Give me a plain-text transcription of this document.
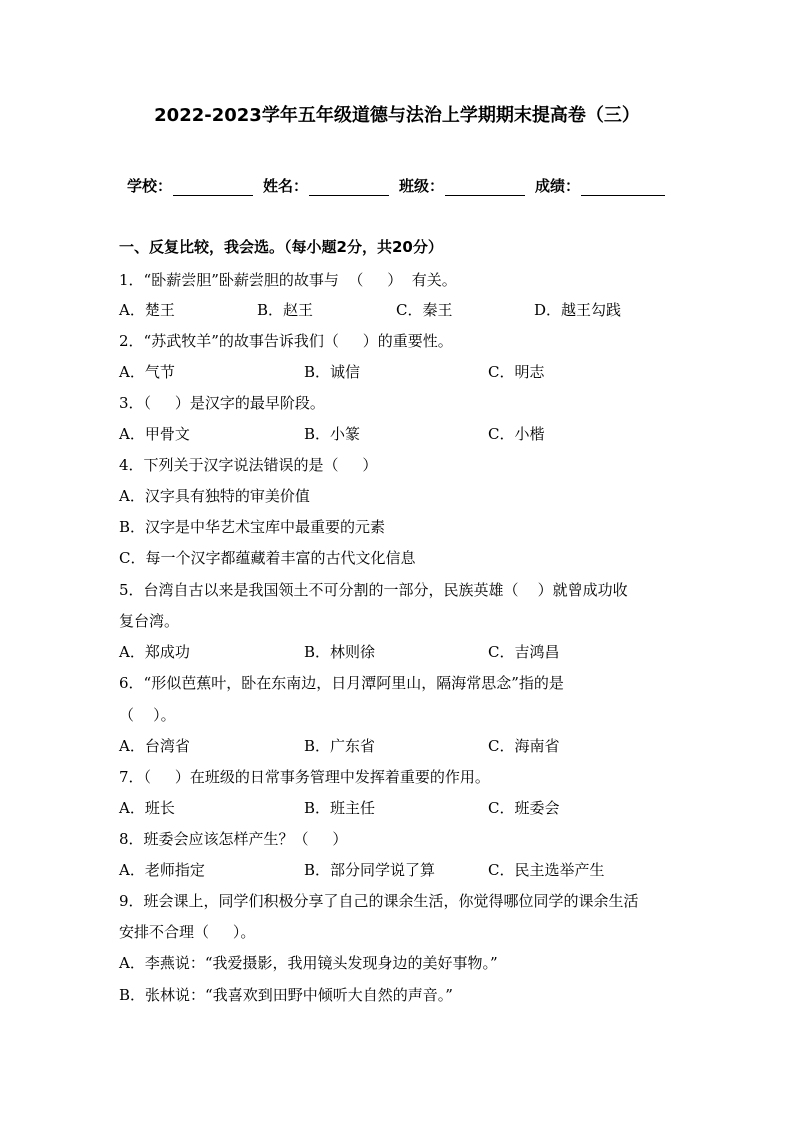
2022-2023学年五年级道德与法治上学期期末提高卷（三）
学校：	姓名：	班级：	成绩：
一、反复比较，我会选。（每小题2分，共20分）
1．“卧薪尝胆”卧薪尝胆的故事与  （     ）  有关。

A．楚王

	B．赵王

	C．秦王

	D．越王勾践

2．“苏武牧羊”的故事告诉我们（     ）的重要性。

A．气节

	B．诚信

	C．明志

3．（     ）是汉字的最早阶段。

A．甲骨文

	B．小篆

	C．小楷

4．下列关于汉字说法错误的是（     ）
A．汉字具有独特的审美价值
B．汉字是中华艺术宝库中最重要的元素
C．每一个汉字都蕴藏着丰富的古代文化信息
5．台湾自古以来是我国领土不可分割的一部分，民族英雄（    ）就曾成功收
复台湾。

A．郑成功

	B．林则徐

	C．吉鸿昌

6．“形似芭蕉叶，卧在东南边，日月潭阿里山，隔海常思念”指的是
（    ）。

A．台湾省

	B．广东省

	C．海南省

7．（     ）在班级的日常事务管理中发挥着重要的作用。

A．班长

	B．班主任

	C．班委会

8．班委会应该怎样产生？（     ）

A．老师指定

	B．部分同学说了算

	C．民主选举产生

9．班会课上，同学们积极分享了自己的课余生活，你觉得哪位同学的课余生活
安排不合理（     ）。
A．李燕说：“我爱摄影，我用镜头发现身边的美好事物。”
B．张林说：“我喜欢到田野中倾听大自然的声音。”
